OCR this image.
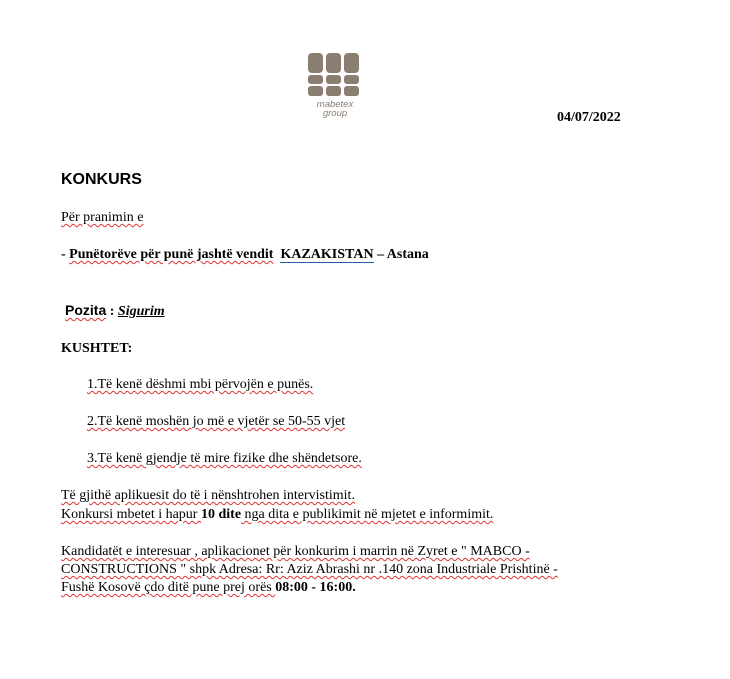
mabetex
group	04/07/2022
KONKURS
Për pranimin e
- Punëtorëve për punë jashtë vendit KAZAKISTAN – Astana
Pozita : Sigurim
KUSHTET:
1.Të kenë dëshmi mbi përvojën e punës.
2.Të kenë moshën jo më e vjetër se 50-55 vjet
3.Të kenë gjendje të mire fizike dhe shëndetsore.
Të gjithë aplikuesit do të i nënshtrohen intervistimit.
Konkursi mbetet i hapur 10 dite nga dita e publikimit në mjetet e informimit.
Kandidatët e interesuar , aplikacionet për konkurim i marrin në Zyret e " MABCO -
CONSTRUCTIONS " shpk Adresa: Rr: Aziz Abrashi nr .140 zona Industriale Prishtinë -
Fushë Kosovë çdo ditë pune prej orës 08:00 - 16:00.
